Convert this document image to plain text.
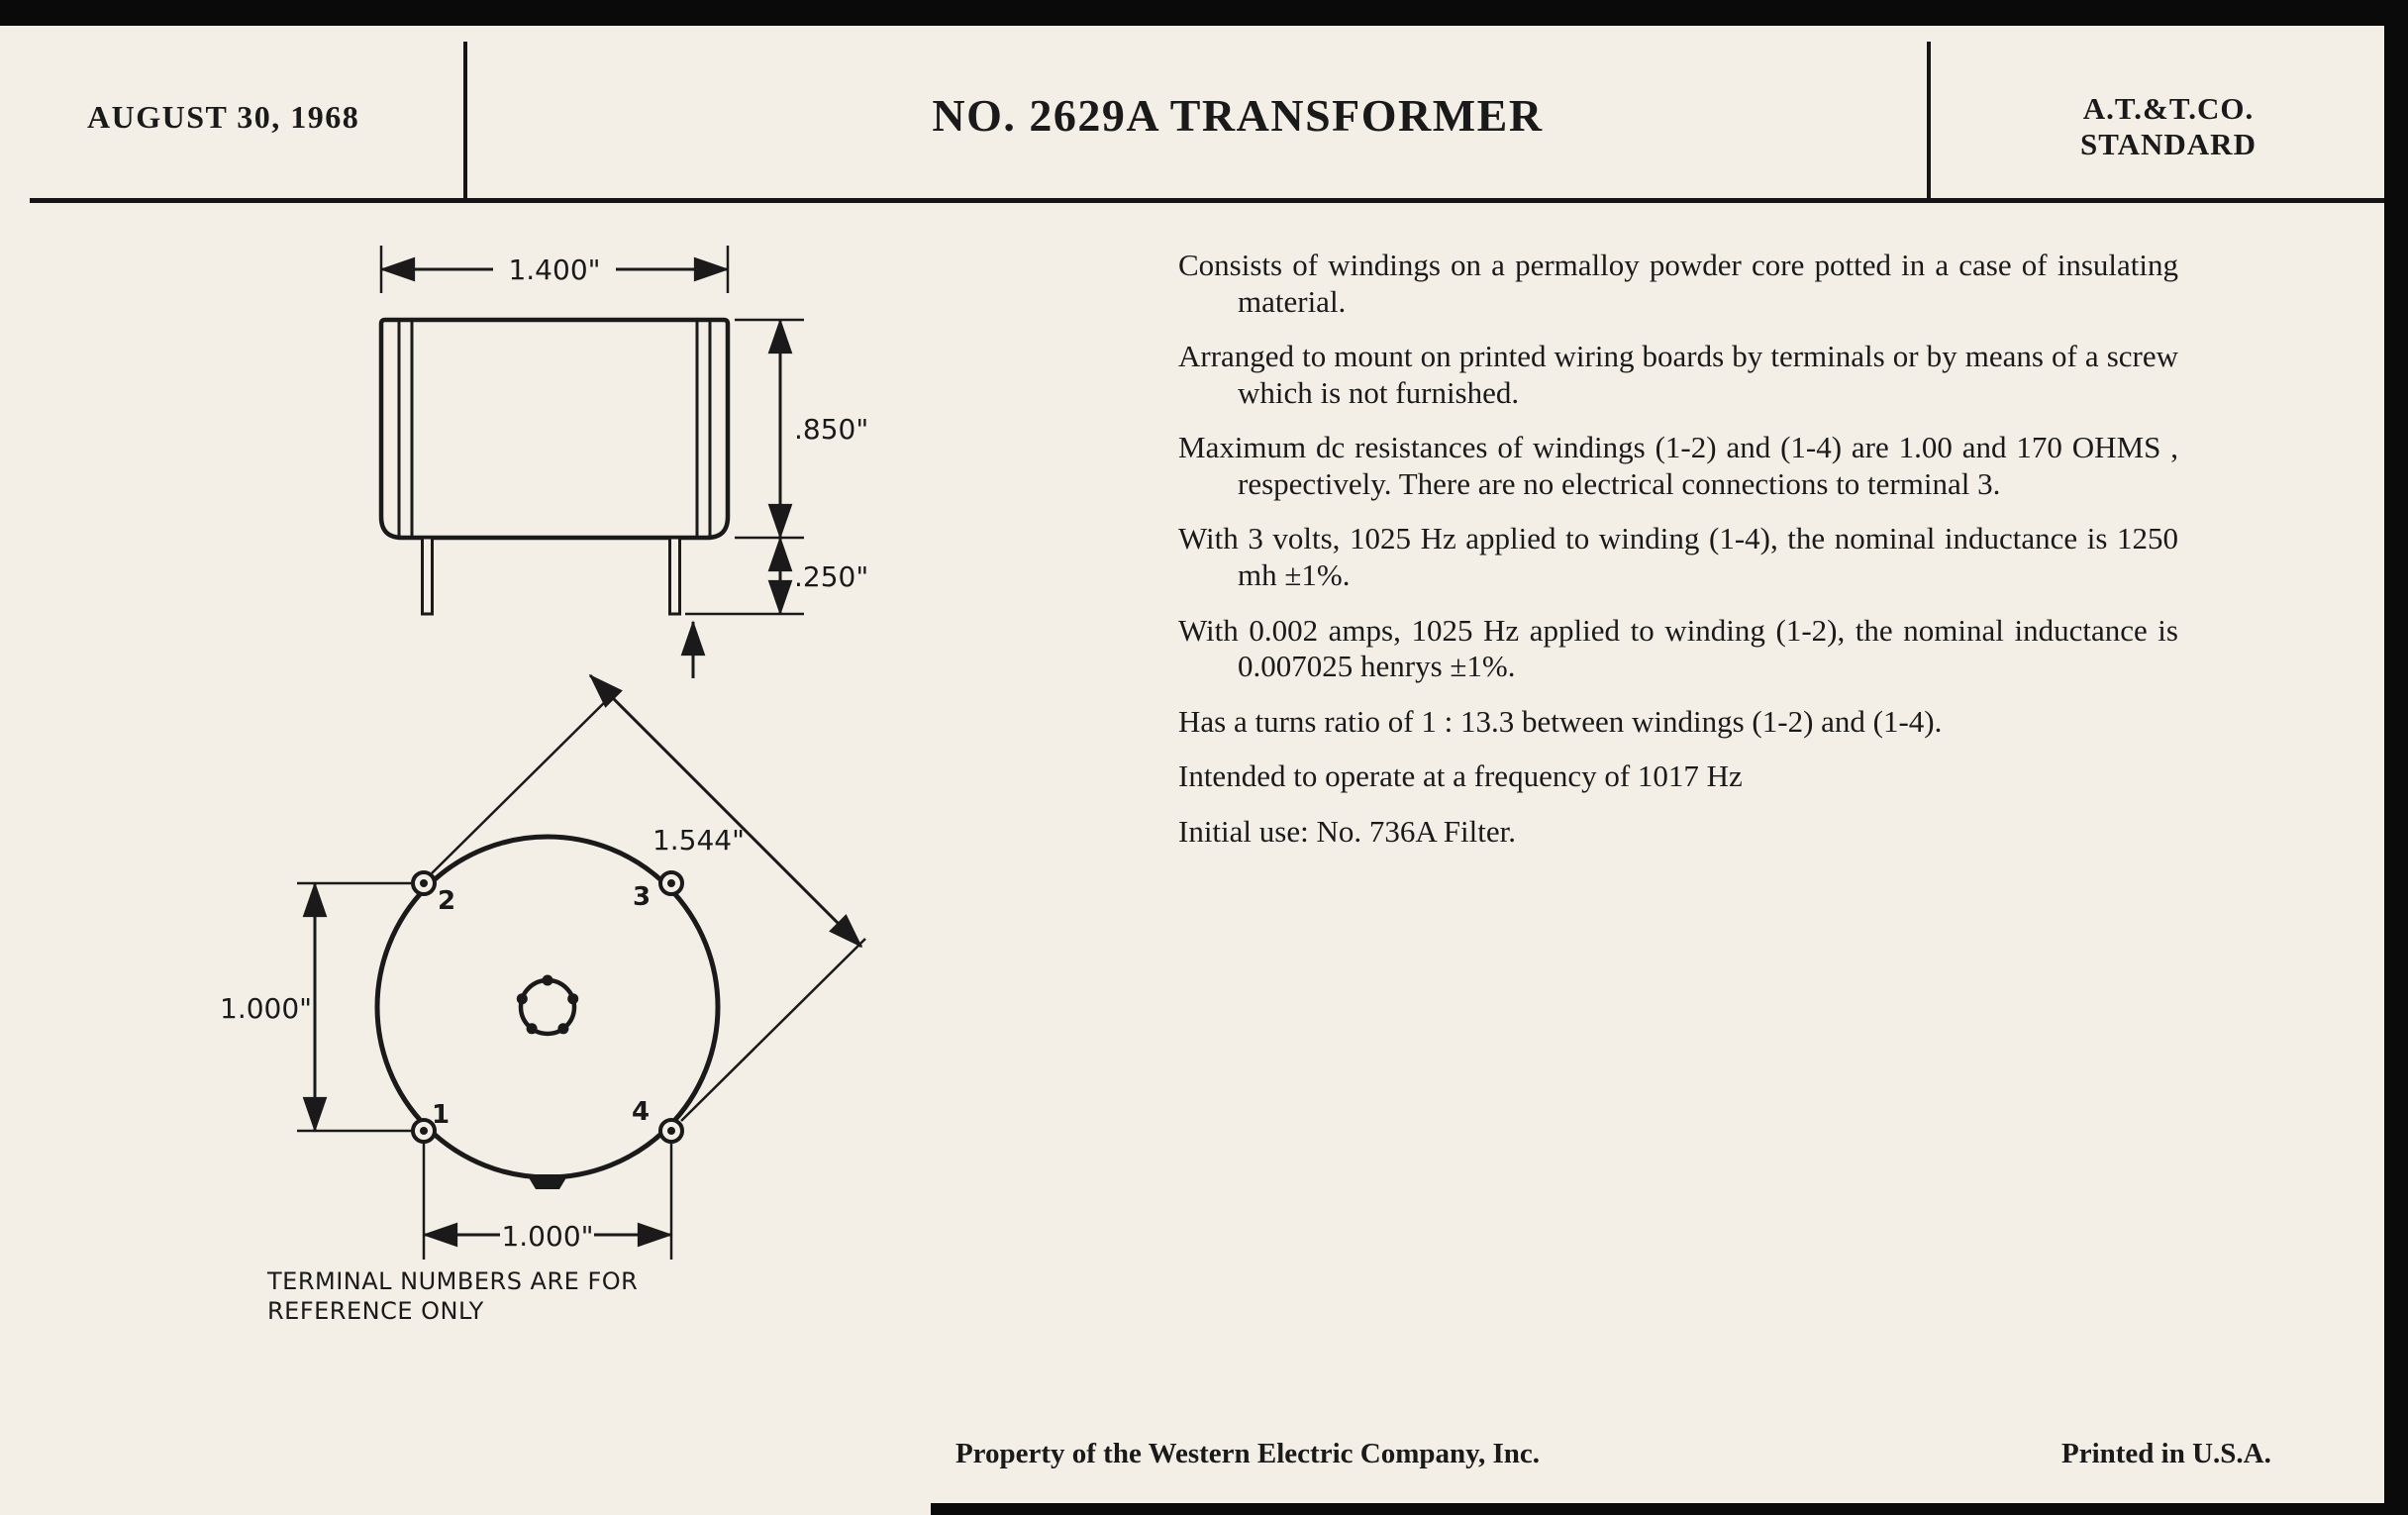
AUGUST 30, 1968	NO. 2629A TRANSFORMER	A.T.&T.CO.
STANDARD
1.400"
.850"
.250"
2	3
1	4
1.544"
1.000"
1.000"
TERMINAL NUMBERS ARE FOR
REFERENCE ONLY
Consists of windings on a permalloy powder core potted in a case of insulating material.
Arranged to mount on printed wiring boards by terminals or by means of a screw which is not furnished.
Maximum dc resistances of windings (1-2) and (1-4) are 1.00 and 170 OHMS , respectively. There are no electrical connections to terminal 3.
With 3 volts, 1025 Hz applied to winding (1-4), the nominal inductance is 1250 mh ±1%.
With 0.002 amps, 1025 Hz applied to winding (1-2), the nominal inductance is 0.007025 henrys ±1%.
Has a turns ratio of 1 : 13.3 between windings (1-2) and (1-4).
Intended to operate at a frequency of 1017 Hz
Initial use: No. 736A Filter.
Property of the Western Electric Company, Inc.	Printed in U.S.A.
